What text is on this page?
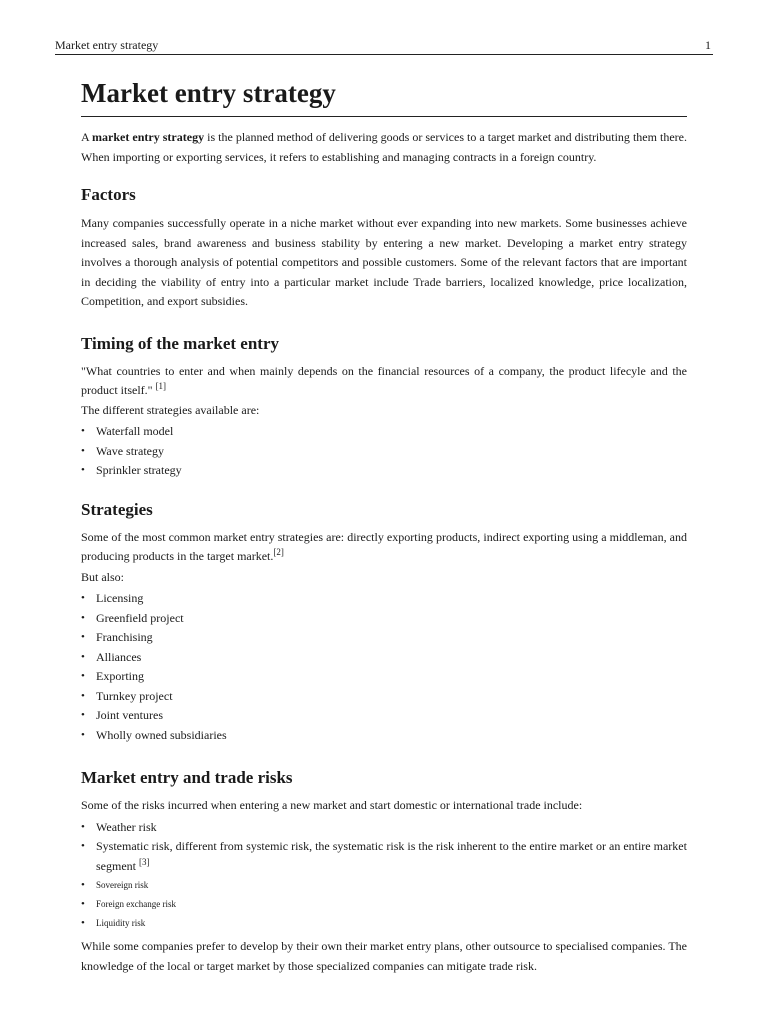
Market entry strategy	1
Market entry strategy

A market entry strategy is the planned method of delivering goods or services to a target market and distributing them there. When importing or exporting services, it refers to establishing and managing contracts in a foreign country.

Factors

Many companies successfully operate in a niche market without ever expanding into new markets. Some businesses achieve increased sales, brand awareness and business stability by entering a new market. Developing a market entry strategy involves a thorough analysis of potential competitors and possible customers. Some of the relevant factors that are important in deciding the viability of entry into a particular market include Trade barriers, localized knowledge, price localization, Competition, and export subsidies.

Timing of the market entry

"What countries to enter and when mainly depends on the financial resources of a company, the product lifecyle and the product itself." [1]

The different strategies available are:

• Waterfall model
• Wave strategy
• Sprinkler strategy
Strategies

Some of the most common market entry strategies are: directly exporting products, indirect exporting using a middleman, and producing products in the target market.[2]

But also:

• Licensing
• Greenfield project
• Franchising
• Alliances
• Exporting
• Turnkey project
• Joint ventures
• Wholly owned subsidiaries
Market entry and trade risks

Some of the risks incurred when entering a new market and start domestic or international trade include:

• Weather risk
• Systematic risk, different from systemic risk, the systematic risk is the risk inherent to the entire market or an entire market segment [3]
• Sovereign risk
• Foreign exchange risk
• Liquidity risk

While some companies prefer to develop by their own their market entry plans, other outsource to specialised companies. The knowledge of the local or target market by those specialized companies can mitigate trade risk.
